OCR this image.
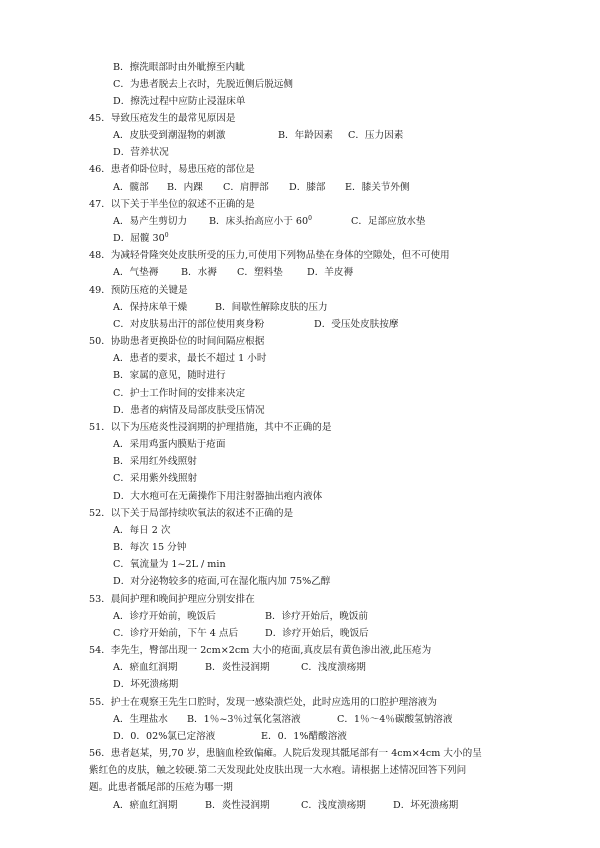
B．擦洗眼部时由外眦擦至内眦
C．为患者脱去上衣时，先脱近侧后脱远侧
D．擦洗过程中应防止浸湿床单
45．导致压疮发生的最常见原因是
A．皮肤受到潮湿物的刺激	B．年龄因素 C．压力因素
D．营养状况
46．患者仰卧位时，易患压疮的部位是
A．髋部 B．内踝 C．肩胛部 D．膝部 E．膝关节外侧
47．以下关于半坐位的叙述不正确的是
A．易产生剪切力 B．床头抬高应小于 $60^0$	C．足部应放水垫
D．屈髋 $30^0$
48．为减轻骨隆突处皮肤所受的压力,可使用下列物品垫在身体的空隙处，但不可使用
A．气垫褥 B．水褥 C．塑料垫	D．羊皮褥
49．预防压疮的关键是
A．保持床单干燥	B．间歇性解除皮肤的压力
C．对皮肤易出汗的部位使用爽身粉	D．受压处皮肤按摩
50．协助患者更换卧位的时间间隔应根据
A．患者的要求，最长不超过 1 小时
B．家属的意见，随时进行
C．护士工作时间的安排来决定
D．患者的病情及局部皮肤受压情况
51．以下为压疮炎性浸润期的护理措施，其中不正确的是
A．采用鸡蛋内膜贴于疮面
B．采用红外线照射
C．采用紫外线照射
D．大水疱可在无菌操作下用注射器抽出疱内液体
52．以下关于局部持续吹氧法的叙述不正确的是
A．每日 2 次
B．每次 15 分钟
C．氧流量为 1~2L / min
D．对分泌物较多的疮面,可在湿化瓶内加 75%乙醇
53．晨间护理和晚间护理应分别安排在
A．诊疗开始前，晚饭后	B．诊疗开始后，晚饭前
C．诊疗开始前，下午 4 点后	D．诊疗开始后，晚饭后
54．李先生，臀部出现一 2cm×2cm 大小的疮面,真皮层有黄色渗出液,此压疮为
A．瘀血红润期	B．炎性浸润期	C．浅度溃疡期
D．坏死溃疡期
55．护士在观察王先生口腔时，发现一感染溃烂处，此时应选用的口腔护理溶液为
A．生理盐水 B．1％~3％过氧化氢溶液	C．1％～4％碳酸氢钠溶液
D．0．02%氯已定溶液	E．0．1%醋酸溶液
56．患者赵某，男,70 岁，患脑血栓致偏瘫。人院后发现其骶尾部有一 4cm×4cm 大小的呈
紫红色的皮肤，触之较硬.第二天发现此处皮肤出现一大水疱。请根据上述情况回答下列问
题。此患者骶尾部的压疮为哪一期
A．瘀血红润期	B．炎性浸润期	C．浅度溃疡期	D．坏死溃疡期
